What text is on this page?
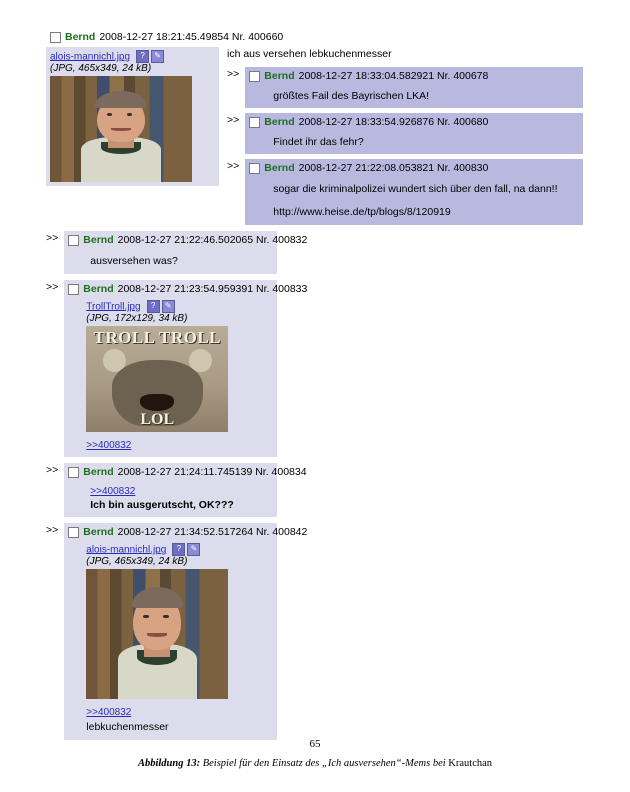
Bernd 2008-12-27 18:21:45.49854 Nr. 400660
alois-mannichl.jpg	?	✎
(JPG, 465x349, 24 kB)
ich aus versehen lebkuchenmesser
>> Bernd 2008-12-27 18:33:04.582921 Nr. 400678
größtes Fail des Bayrischen LKA!
>> Bernd 2008-12-27 18:33:54.926876 Nr. 400680
Findet ihr das fehr?
>> Bernd 2008-12-27 21:22:08.053821 Nr. 400830
sogar die kriminalpolizei wundert sich über den fall, na dann!!
http://www.heise.de/tp/blogs/8/120919
>> Bernd 2008-12-27 21:22:46.502065 Nr. 400832
ausversehen was?
>> Bernd 2008-12-27 21:23:54.959391 Nr. 400833
TrollTroll.jpg	?	✎
(JPG, 172x129, 34 kB)
TROLL TROLL
LOL
>>400832
>> Bernd 2008-12-27 21:24:11.745139 Nr. 400834
>>400832
Ich bin ausgerutscht, OK???
>> Bernd 2008-12-27 21:34:52.517264 Nr. 400842
alois-mannichl.jpg	?	✎
(JPG, 465x349, 24 kB)
>>400832
lebkuchenmesser
65
Abbildung 13: Beispiel für den Einsatz des „Ich ausversehen“-Mems bei Krautchan
